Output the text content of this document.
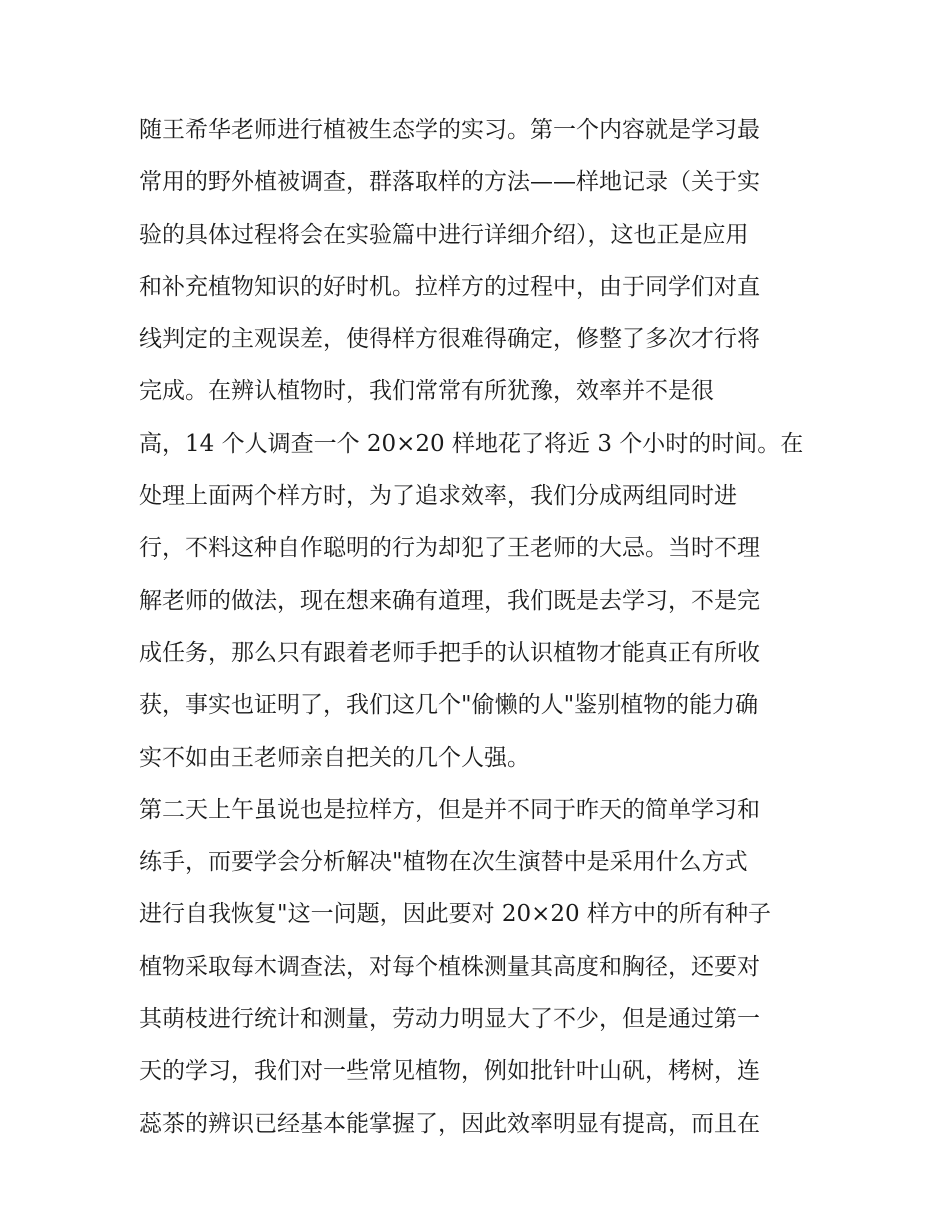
随王希华老师进行植被生态学的实习。第一个内容就是学习最
常用的野外植被调查，群落取样的方法——样地记录（关于实
验的具体过程将会在实验篇中进行详细介绍），这也正是应用
和补充植物知识的好时机。拉样方的过程中，由于同学们对直
线判定的主观误差，使得样方很难得确定，修整了多次才行将
完成。在辨认植物时，我们常常有所犹豫，效率并不是很
高，14 个人调查一个 20×20 样地花了将近 3 个小时的时间。在
处理上面两个样方时，为了追求效率，我们分成两组同时进
行，不料这种自作聪明的行为却犯了王老师的大忌。当时不理
解老师的做法，现在想来确有道理，我们既是去学习，不是完
成任务，那么只有跟着老师手把手的认识植物才能真正有所收
获，事实也证明了，我们这几个"偷懒的人"鉴别植物的能力确
实不如由王老师亲自把关的几个人强。
第二天上午虽说也是拉样方，但是并不同于昨天的简单学习和
练手，而要学会分析解决"植物在次生演替中是采用什么方式
进行自我恢复"这一问题，因此要对 20×20 样方中的所有种子
植物采取每木调查法，对每个植株测量其高度和胸径，还要对
其萌枝进行统计和测量，劳动力明显大了不少，但是通过第一
天的学习，我们对一些常见植物，例如批针叶山矾，栲树，连
蕊茶的辨识已经基本能掌握了，因此效率明显有提高，而且在
